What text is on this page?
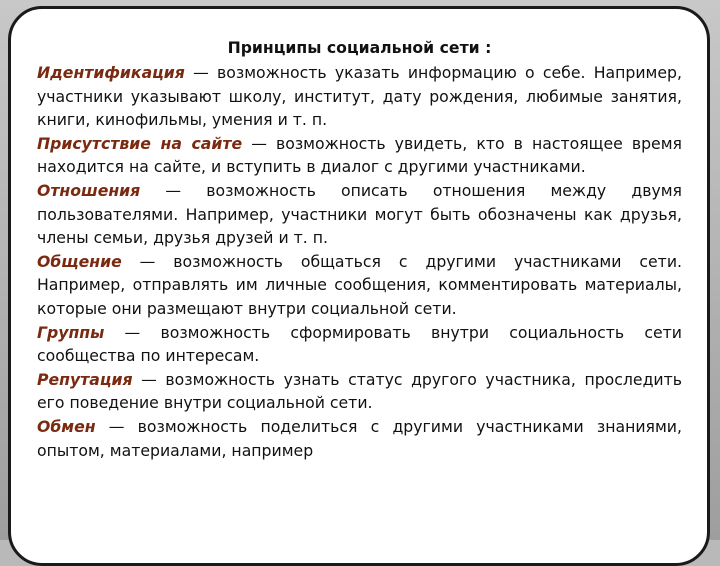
Принципы социальной сети :

Идентификация — возможность указать информацию о себе. Например, участники указывают школу, институт, дату рождения, любимые занятия, книги, кинофильмы, умения и т. п.

Присутствие на сайте — возможность увидеть, кто в настоящее время находится на сайте, и вступить в диалог с другими участниками.

Отношения — возможность описать отношения между двумя пользователями. Например, участники могут быть обозначены как друзья, члены семьи, друзья друзей и т. п.

Общение — возможность общаться с другими участниками сети. Например, отправлять им личные сообщения, комментировать материалы, которые они размещают внутри социальной сети.

Группы — возможность сформировать внутри социальность сети сообщества по интересам.

Репутация — возможность узнать статус другого участника, проследить его поведение внутри социальной сети.

Обмен — возможность поделиться с другими участниками знаниями, опытом, материалами, например
